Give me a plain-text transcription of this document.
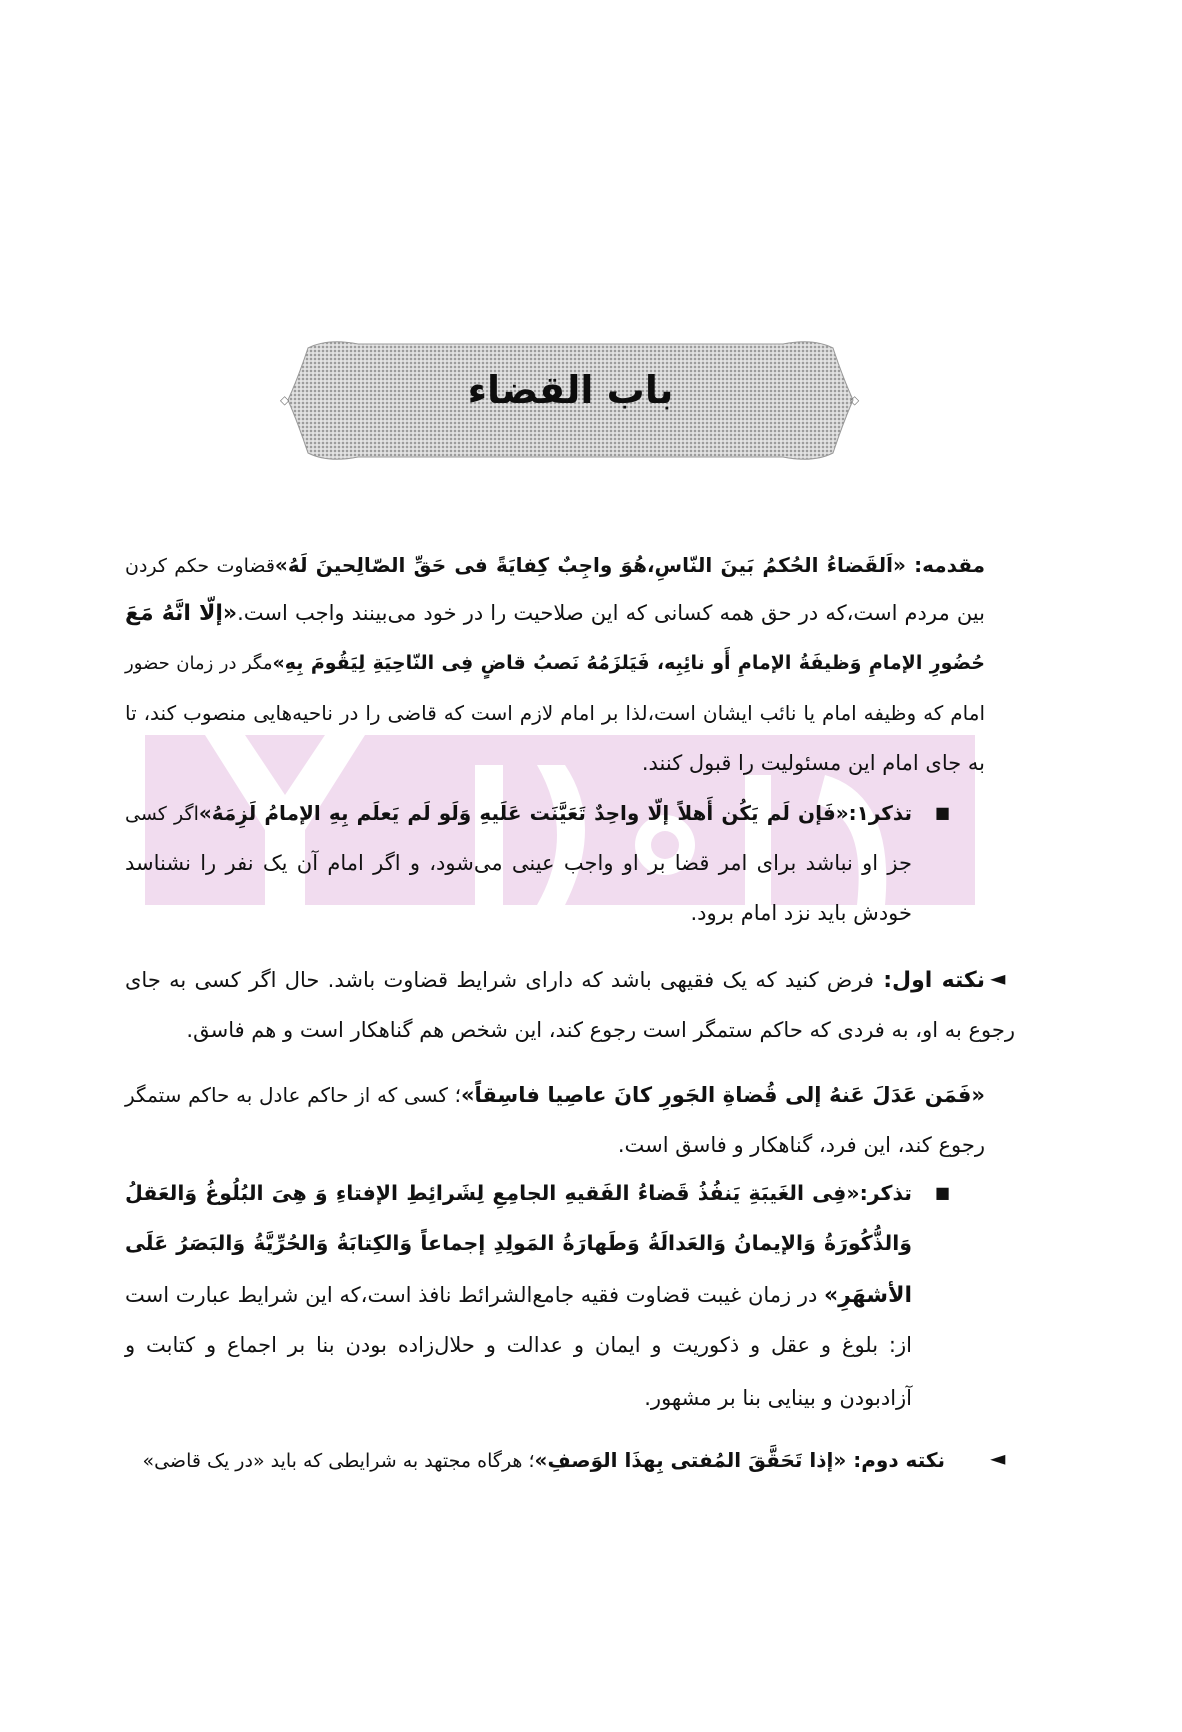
◇	◇
باب القضاء
مقدمه: «اَلقَضاءُ الحُکمُ بَینَ النّاسِ،هُوَ واجِبٌ کِفایَةً فی حَقِّ الصّالِحینَ لَهُ»قضاوت حکم کردن
بین مردم است،که در حق همه کسانی که این صلاحیت را در خود می‌بینند واجب است.«إلّا انَّهُ مَعَ
حُضُورِ الإمامِ وَظیفَةُ الإمامِ أَو نائِبِه، فَیَلزَمُهُ نَصبُ قاضٍ فِی النّاحِیَةِ لِیَقُومَ بِهِ»مگر در زمان حضور
امام که وظیفه امام یا نائب ایشان است،لذا بر امام لازم است که قاضی را در ناحیه‌هایی منصوب کند، تا
به جای امام این مسئولیت را قبول کنند.
تذکر۱:«فَإن لَم یَکُن أَهلاً إلّا واحِدٌ تَعَیَّنَت عَلَیهِ وَلَو لَم یَعلَم بِهِ الإمامُ لَزِمَهُ»اگر کسی
جز او نباشد برای امر قضا بر او واجب عینی می‌شود، و اگر امام آن یک نفر را نشناسد
خودش باید نزد امام برود.
نکته اول: فرض کنید که یک فقیهی باشد که دارای شرایط قضاوت باشد. حال اگر کسی به جای
رجوع به او، به فردی که حاکم ستمگر است رجوع کند، این شخص هم گناهکار است و هم فاسق.
«فَمَن عَدَلَ عَنهُ إلی قُضاةِ الجَورِ کانَ عاصِیا فاسِقاً»؛ کسی که از حاکم عادل به حاکم ستمگر
رجوع کند، این فرد، گناهکار و فاسق است.
تذکر:«فِی الغَیبَةِ یَنفُذُ قَضاءُ الفَقیهِ الجامِعِ لِشَرائِطِ الإفتاءِ وَ هِیَ البُلُوغُ وَالعَقلُ
وَالذُّکُورَةُ وَالإیمانُ وَالعَدالَةُ وَطَهارَةُ المَولِدِ إجماعاً وَالکِتابَةُ وَالحُرِّیَّةُ وَالبَصَرُ عَلَی
الأشهَرِ» در زمان غیبت قضاوت فقیه جامع‌الشرائط نافذ است،که این شرایط عبارت است
از: بلوغ و عقل و ذکوریت و ایمان و عدالت و حلال‌زاده بودن بنا بر اجماع و کتابت و
آزادبودن و بینایی بنا بر مشهور.
نکته دوم: «إذا تَحَقَّقَ المُفتی بِهذَا الوَصفِ»؛ هرگاه مجتهد به شرایطی که باید «در یک قاضی»
■
■
◄
◄
